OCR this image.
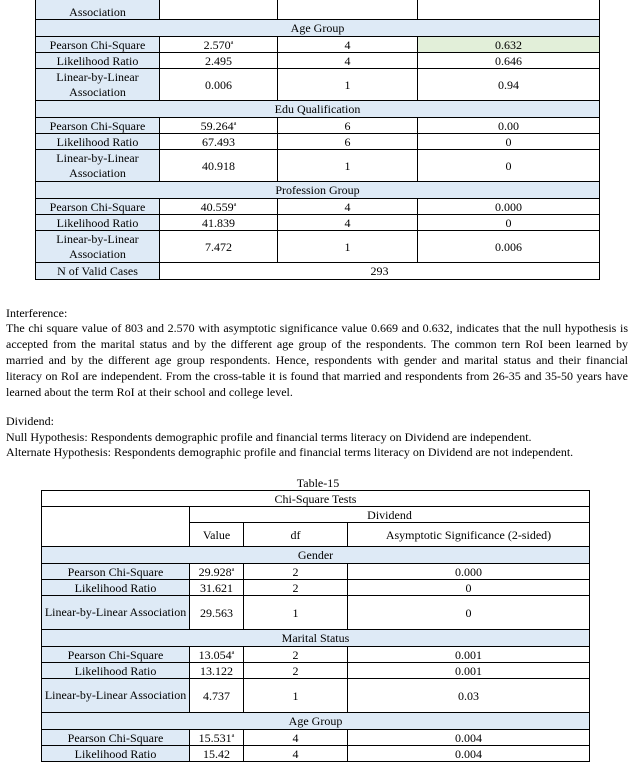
Association			

Age Group			
Pearson Chi-Square	2.570$^a$	4	0.632
Likelihood Ratio	2.495	4	0.646
Linear-by-Linear Association	0.006	1	0.94
Edu Qualification			
Pearson Chi-Square	59.264$^a$	6	0.00
Likelihood Ratio	67.493	6	0
Linear-by-Linear Association	40.918	1	0
Profession Group			
Pearson Chi-Square	40.559$^a$	4	0.000
Likelihood Ratio	41.839	4	0
Linear-by-Linear Association	7.472	1	0.006
N of Valid Cases	293		

Interference:

The chi square value of 803 and 2.570 with asymptotic significance value 0.669 and 0.632, indicates that the null hypothesis is accepted from the marital status and by the different age group of the respondents. The common tern RoI been learned by married and by the different age group respondents. Hence, respondents with gender and marital status and their financial literacy on RoI are independent. From the cross-table it is found that married and respondents from 26-35 and 35-50 years have learned about the term RoI at their school and college level.

Dividend:

Null Hypothesis: Respondents demographic profile and financial terms literacy on Dividend are independent.

Alternate Hypothesis: Respondents demographic profile and financial terms literacy on Dividend are not independent.

Table-15
Chi-Square Tests			
	Dividend		
	Value	df	Asymptotic Significance (2-sided)
Gender			
Pearson Chi-Square	29.928$^a$	2	0.000
Likelihood Ratio	31.621	2	0
Linear-by-Linear Association	29.563	1	0
Marital Status			
Pearson Chi-Square	13.054$^a$	2	0.001
Likelihood Ratio	13.122	2	0.001
Linear-by-Linear Association	4.737	1	0.03
Age Group			
Pearson Chi-Square	15.531$^a$	4	0.004
Likelihood Ratio	15.42	4	0.004
